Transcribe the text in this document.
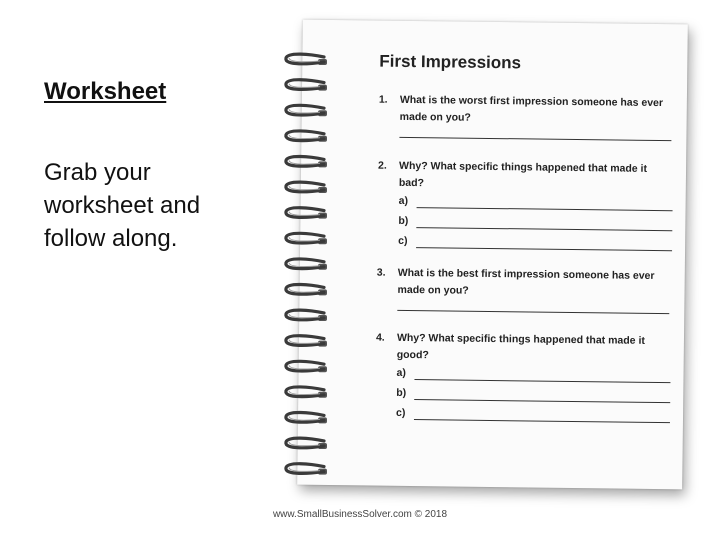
Worksheet

Grab your worksheet and follow along.

First Impressions
1. What is the worst first impression someone has ever made on you?
2. Why? What specific things happened that made it bad?
a)
b)
c)
3. What is the best first impression someone has ever made on you?
4. Why? What specific things happened that made it good?
a)
b)
c)
www.SmallBusinessSolver.com © 2018
